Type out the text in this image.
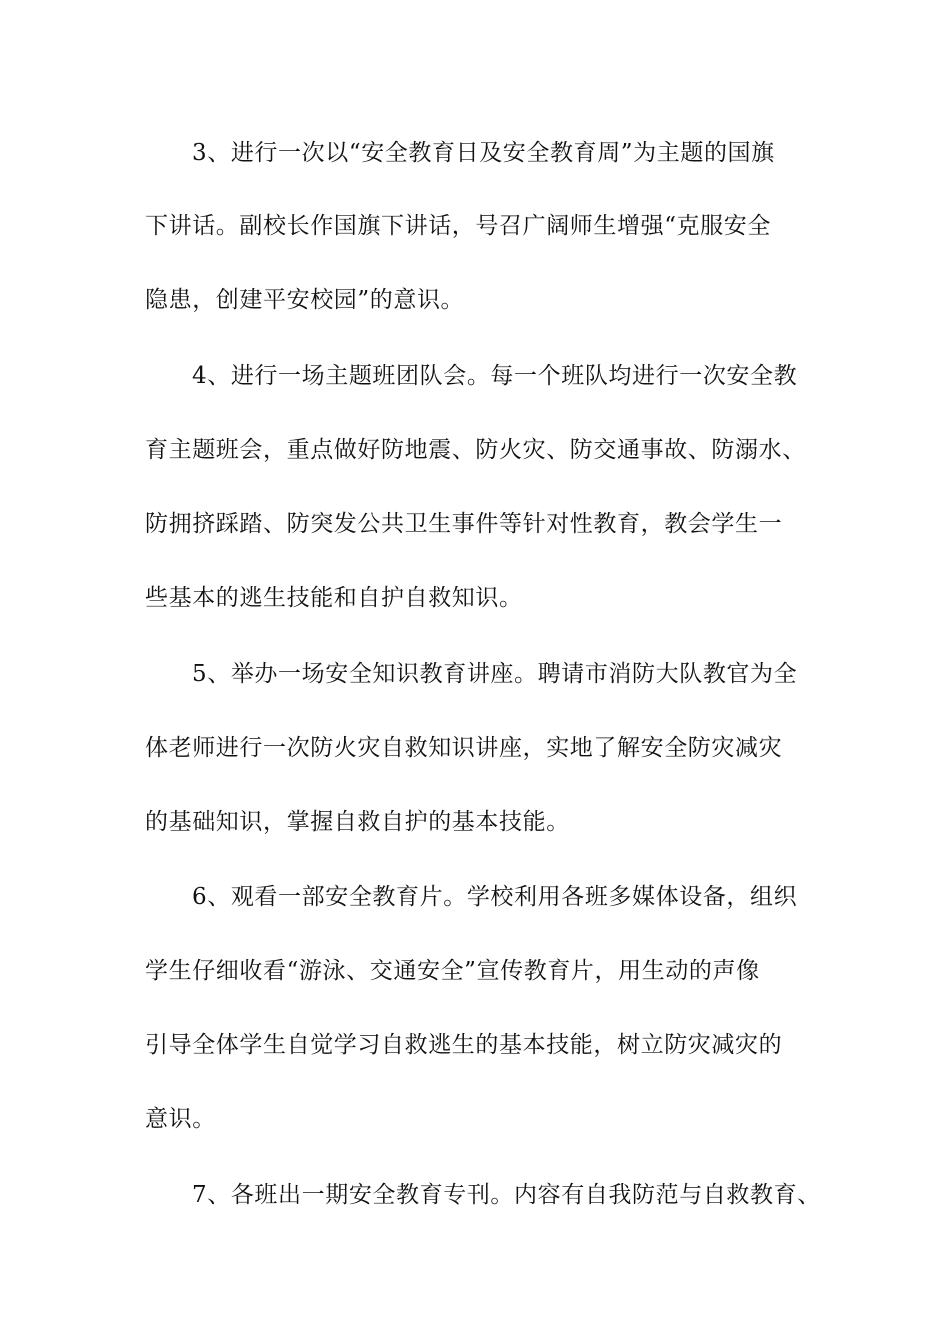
3、进行一次以“安全教育日及安全教育周”为主题的国旗
下讲话。副校长作国旗下讲话，号召广阔师生增强“克服安全
隐患，创建平安校园”的意识。
4、进行一场主题班团队会。每一个班队均进行一次安全教
育主题班会，重点做好防地震、防火灾、防交通事故、防溺水、
防拥挤踩踏、防突发公共卫生事件等针对性教育，教会学生一
些基本的逃生技能和自护自救知识。
5、举办一场安全知识教育讲座。聘请市消防大队教官为全
体老师进行一次防火灾自救知识讲座，实地了解安全防灾减灾
的基础知识，掌握自救自护的基本技能。
6、观看一部安全教育片。学校利用各班多媒体设备，组织
学生仔细收看“游泳、交通安全”宣传教育片，用生动的声像
引导全体学生自觉学习自救逃生的基本技能，树立防灾减灾的
意识。
7、各班出一期安全教育专刊。内容有自我防范与自救教育、
